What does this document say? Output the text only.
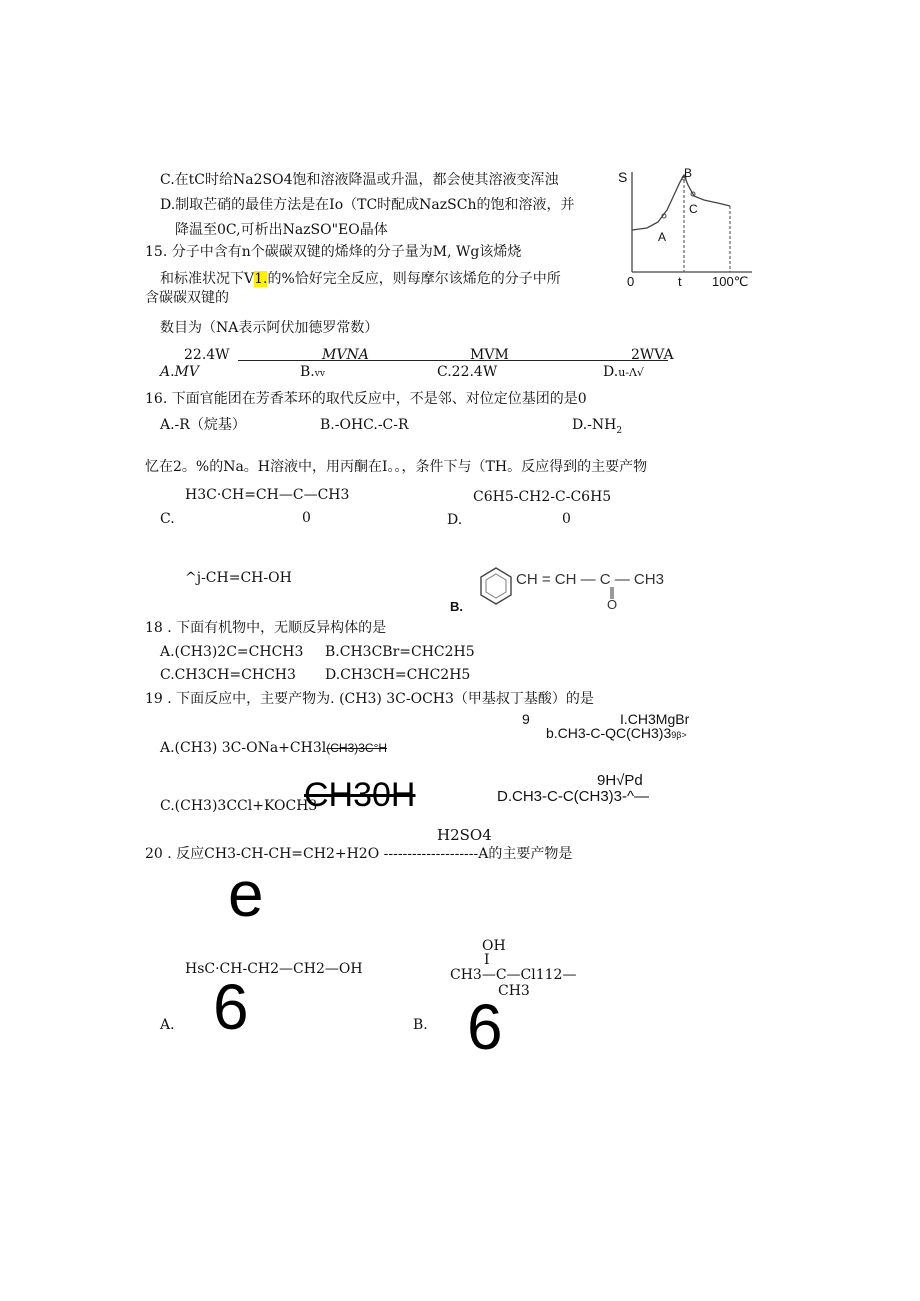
C.在tC时给Na2SO4饱和溶液降温或升温，都会使其溶液变浑浊
D.制取芒硝的最佳方法是在Io（TC时配成NazSCh的饱和溶液，并
降温至0C,可析出NazSO"EO晶体
S
0	t 100℃
A
B
C
15. 分子中含有n个碳碳双键的烯烽的分子量为M, Wg该烯烧
和标准状况下V1.的%恰好完全反应，则每摩尔该烯危的分子中所
含碳碳双键的
数目为（NA表示阿伏加德罗常数）
22.4W	MVNA	MVM	2WVA
A.MV	B.vv	C.22.4W	D.u-Λ√
16. 下面官能团在芳香苯环的取代反应中，不是邻、对位定位基团的是0
A.-R（烷基）	B.-OHC.-C-R	$D.-NH_2$
忆在2。%的Na。H溶液中，用丙酮在I。。，条件下与（TH。反应得到的主要产物
H3C·CH=CH—C—CH3
C.	0
C6H5-CH2-C-C6H5
D.	0
^j-CH=CH-OH
B.
CH = CH — C — CH3
O
18 . 下面有机物中，无顺反异构体的是
A.(CH3)2C=CHCH3 B.CH3CBr=CHC2H5
C.CH3CH=CHCH3 D.CH3CH=CHC2H5
19 . 下面反应中，主要产物为. (CH3) 3C-OCH3（甲基叔丁基酸）的是
9	I.CH3MgBr
b.CH3-C-QC(CH3)39β>
A.(CH3) 3C-ONa+CH3l(CH3)3C°H
C.(CH3)3CCl+KOCH3
CH30H	9H√Pd
D.CH3-C-C(CH3)3-^—
H2SO4
20 . 反应CH3-CH-CH=CH2+H2O --------------------A的主要产物是
e
HsC·CH-CH2—CH2—OH
A. 6
OH
I
CH3—C—Cl112—
CH3
B. 6
